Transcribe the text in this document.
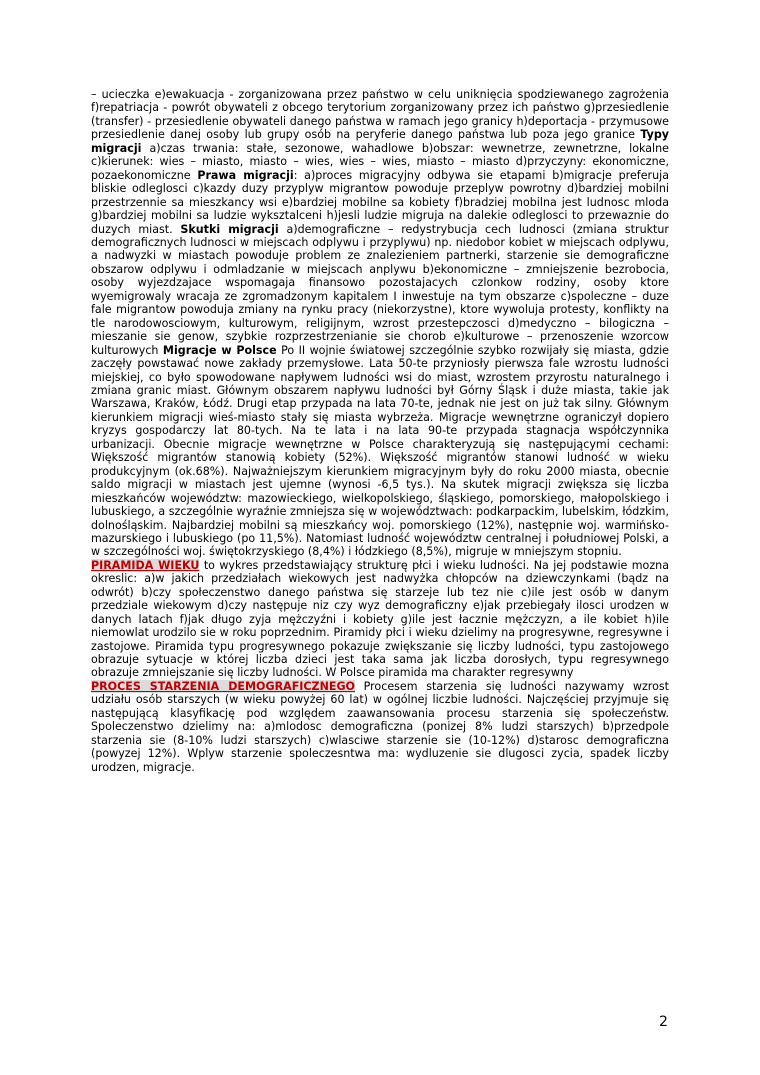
– ucieczka e)ewakuacja - zorganizowana przez państwo w celu uniknięcia spodziewanego zagrożenia f)repatriacja - powrót obywateli z obcego terytorium zorganizowany przez ich państwo g)przesiedlenie (transfer) - przesiedlenie obywateli danego państwa w ramach jego granicy h)deportacja - przymusowe przesiedlenie danej osoby lub grupy osób na peryferie danego państwa lub poza jego granice Typy migracji a)czas trwania: stałe, sezonowe, wahadlowe b)obszar: wewnetrze, zewnetrzne, lokalne c)kierunek: wies – miasto, miasto – wies, wies – wies, miasto – miasto d)przyczyny: ekonomiczne, pozaekonomiczne Prawa migracji: a)proces migracyjny odbywa sie etapami b)migracje preferuja bliskie odleglosci c)kazdy duzy przyplyw migrantow powoduje przeplyw powrotny d)bardziej mobilni przestrzennie sa mieszkancy wsi e)bardziej mobilne sa kobiety f)bradziej mobilna jest ludnosc mloda g)bardziej mobilni sa ludzie wyksztalceni h)jesli ludzie migruja na dalekie odleglosci to przewaznie do duzych miast. Skutki migracji a)demograficzne – redystrybucja cech ludnosci (zmiana struktur demograficznych ludnosci w miejscach odplywu i przyplywu) np. niedobor kobiet w miejscach odplywu, a nadwyzki w miastach powoduje problem ze znalezieniem partnerki, starzenie sie demograficzne obszarow odplywu i odmladzanie w miejscach anplywu b)ekonomiczne – zmniejszenie bezrobocia, osoby wyjezdzajace wspomagaja finansowo pozostajacych czlonkow rodziny, osoby ktore wyemigrowaly wracaja ze zgromadzonym kapitalem I inwestuje na tym obszarze c)spoleczne – duze fale migrantow powoduja zmiany na rynku pracy (niekorzystne), ktore wywoluja protesty, konflikty na tle narodowosciowym, kulturowym, religijnym, wzrost przestepczosci d)medyczno – bilogiczna – mieszanie sie genow, szybkie rozprzestrzenianie sie chorob e)kulturowe – przenoszenie wzorcow kulturowych Migracje w Polsce Po II wojnie światowej szczególnie szybko rozwijały się miasta, gdzie zaczęły powstawać nowe zakłady przemysłowe. Lata 50-te przyniosły pierwsza fale wzrostu ludności miejskiej, co było spowodowane napływem ludności wsi do miast, wzrostem przyrostu naturalnego i zmiana granic miast. Głównym obszarem napływu ludności był Górny Śląsk i duże miasta, takie jak Warszawa, Kraków, Łódź. Drugi etap przypada na lata 70-te, jednak nie jest on już tak silny. Głównym kierunkiem migracji wieś-miasto stały się miasta wybrzeża. Migracje wewnętrzne ograniczył dopiero kryzys gospodarczy lat 80-tych. Na te lata i na lata 90-te przypada stagnacja współczynnika urbanizacji. Obecnie migracje wewnętrzne w Polsce charakteryzują się następującymi cechami: Większość migrantów stanowią kobiety (52%). Większość migrantów stanowi ludność w wieku produkcyjnym (ok.68%). Najważniejszym kierunkiem migracyjnym były do roku 2000 miasta, obecnie saldo migracji w miastach jest ujemne (wynosi -6,5 tys.). Na skutek migracji zwiększa się liczba mieszkańców województw: mazowieckiego, wielkopolskiego, śląskiego, pomorskiego, małopolskiego i lubuskiego, a szczególnie wyraźnie zmniejsza się w województwach: podkarpackim, lubelskim, łódzkim, dolnośląskim. Najbardziej mobilni są mieszkańcy woj. pomorskiego (12%), następnie woj. warmińsko-mazurskiego i lubuskiego (po 11,5%). Natomiast ludność województw centralnej i południowej Polski, a w szczególności woj. świętokrzyskiego (8,4%) i łódzkiego (8,5%), migruje w mniejszym stopniu.

PIRAMIDA WIEKU to wykres przedstawiający strukturę płci i wieku ludności. Na jej podstawie mozna okreslic: a)w jakich przedziałach wiekowych jest nadwyżka chłopców na dziewczynkami (bądz na odwrót) b)czy społeczenstwo danego państwa się starzeje lub tez nie c)ile jest osób w danym przedziale wiekowym d)czy następuje niz czy wyz demograficzny e)jak przebiegały ilosci urodzen w danych latach f)jak długo zyja mężczyźni i kobiety g)ile jest łacznie mężczyzn, a ile kobiet h)ile niemowlat urodzilo sie w roku poprzednim. Piramidy płci i wieku dzielimy na progresywne, regresywne i zastojowe. Piramida typu progresywnego pokazuje zwiększanie się liczby ludności, typu zastojowego obrazuje sytuacje w której liczba dzieci jest taka sama jak liczba dorosłych, typu regresywnego obrazuje zmniejszanie się liczby ludności. W Polsce piramida ma charakter regresywny

PROCES STARZENIA DEMOGRAFICZNEGO Procesem starzenia się ludności nazywamy wzrost udziału osób starszych (w wieku powyżej 60 lat) w ogólnej liczbie ludności. Najczęściej przyjmuje się następującą klasyfikację pod względem zaawansowania procesu starzenia się społeczeństw. Spoleczenstwo dzielimy na: a)mlodosc demograficzna (ponizej 8% ludzi starszych) b)przedpole starzenia sie (8-10% ludzi starszych) c)wlasciwe starzenie sie (10-12%) d)starosc demograficzna (powyzej 12%). Wplyw starzenie spoleczesntwa ma: wydluzenie sie dlugosci zycia, spadek liczby urodzen, migracje.

2
